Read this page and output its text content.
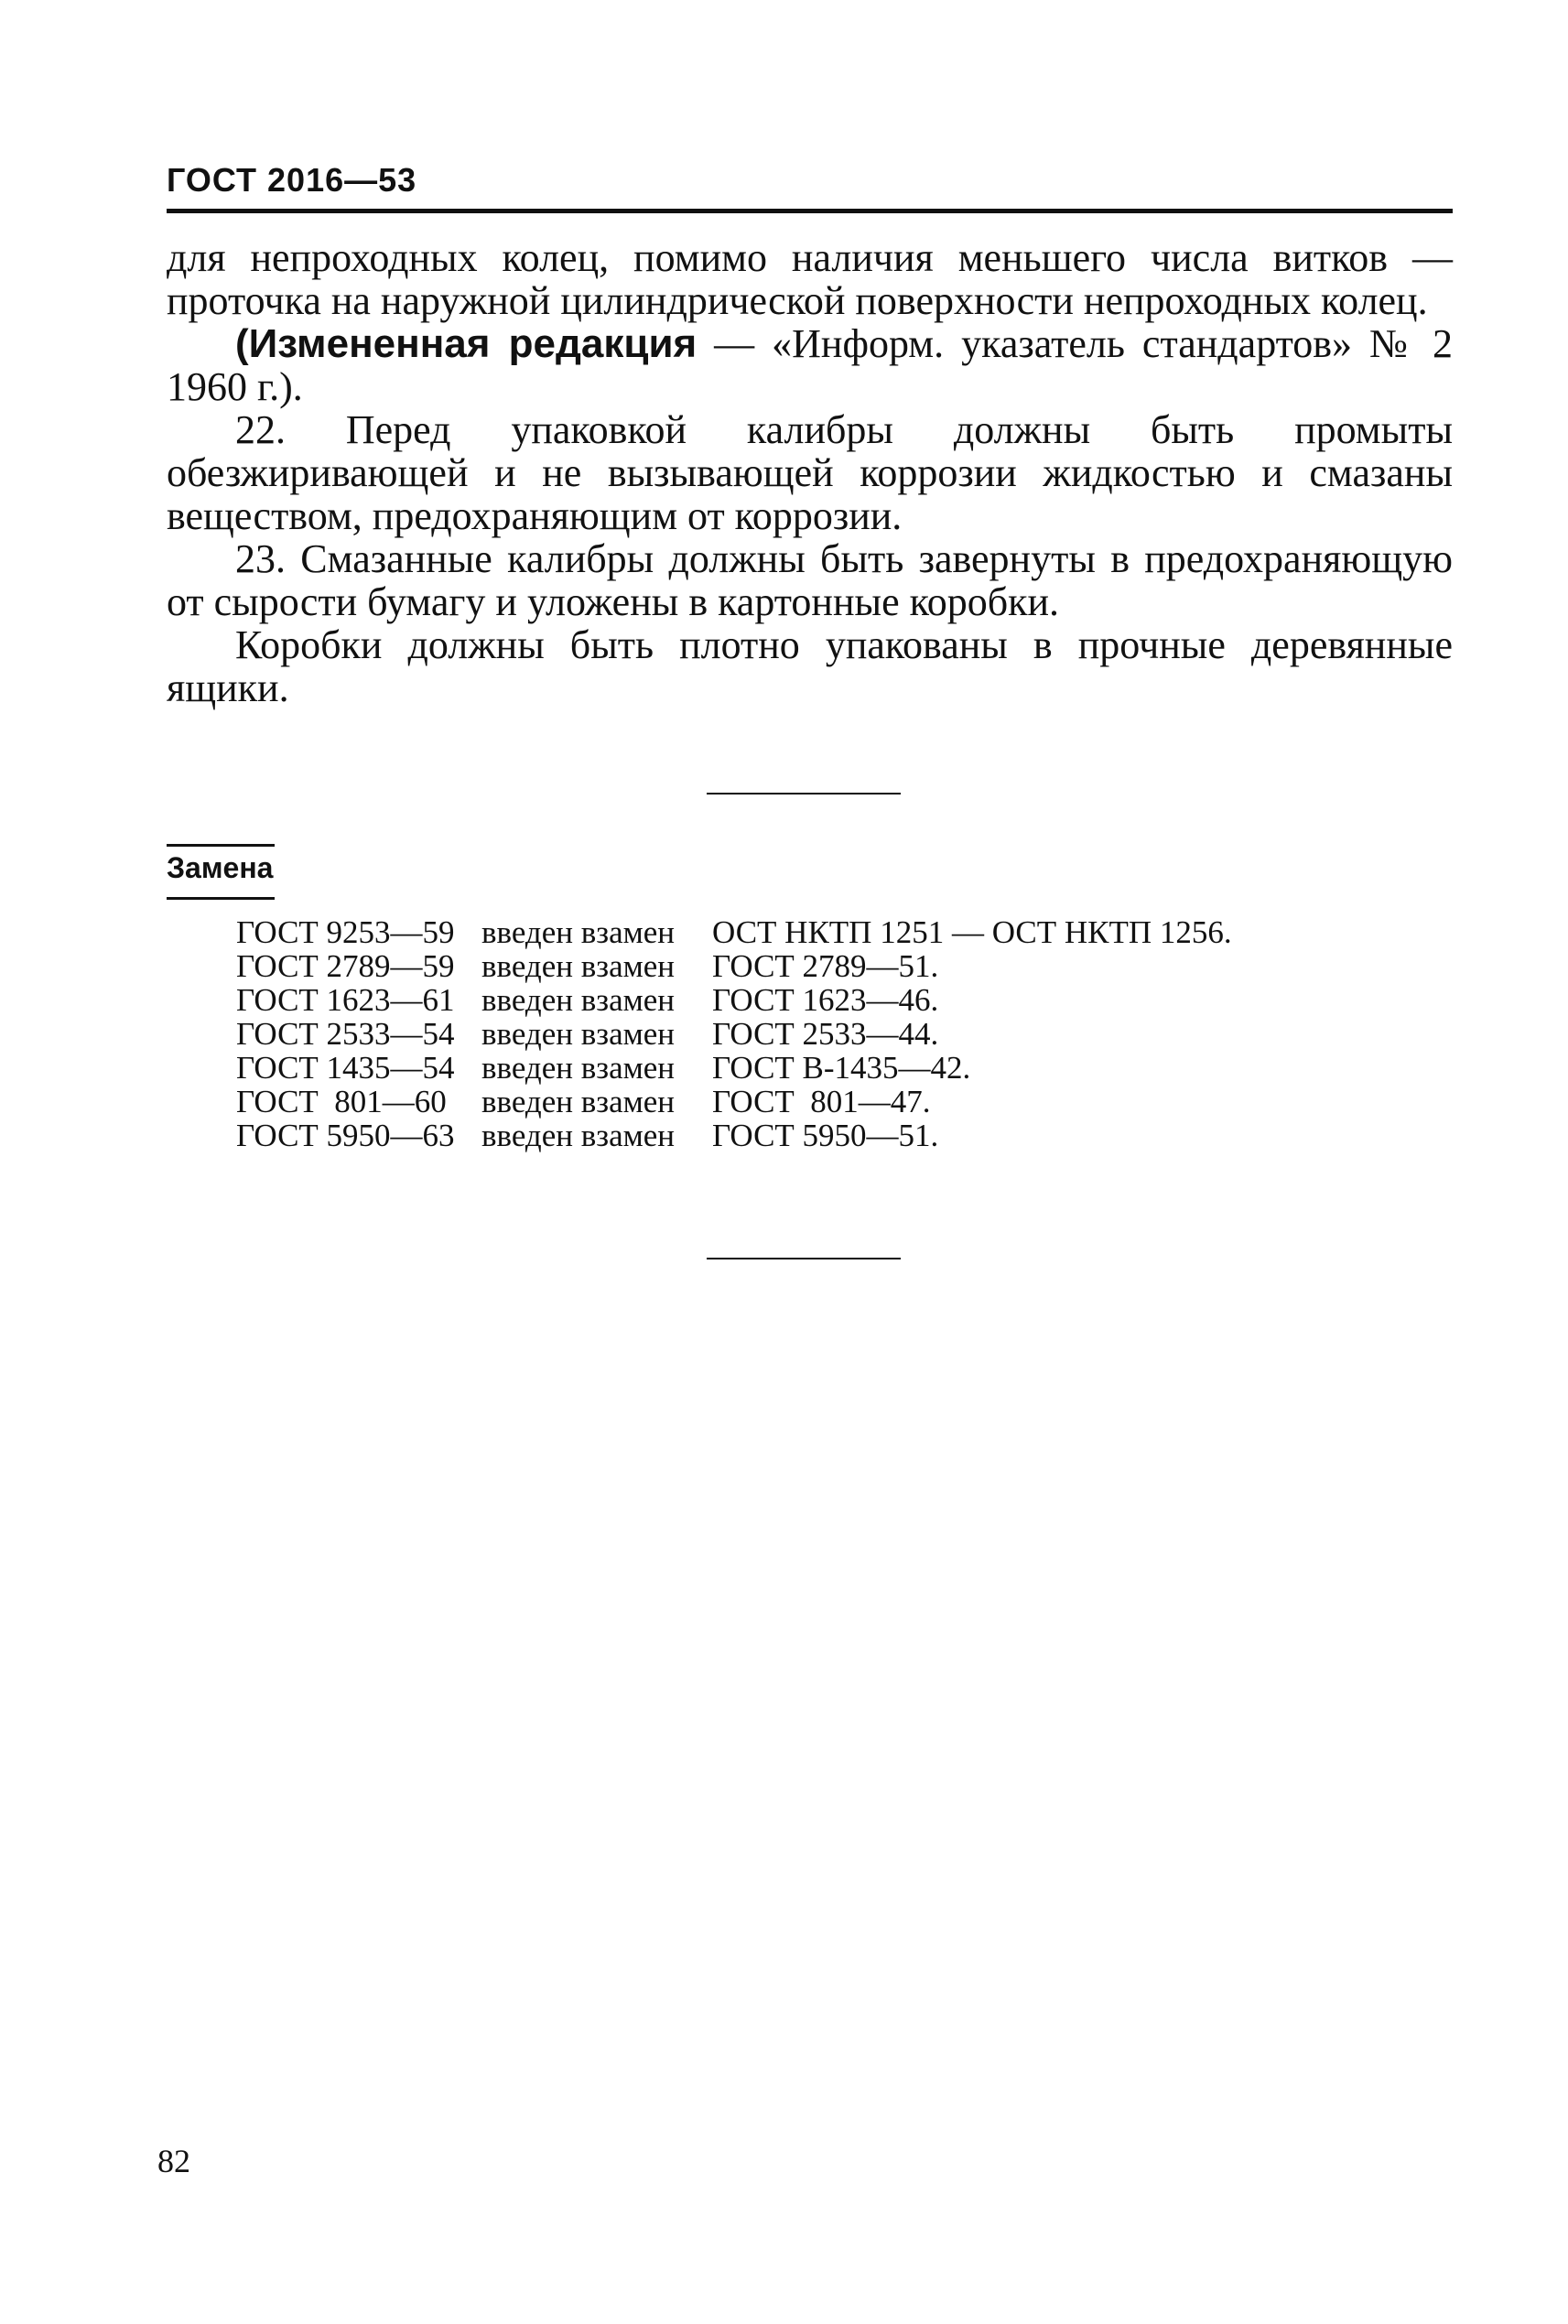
ГОСТ 2016—53

для непроходных колец, помимо наличия меньшего числа витков — проточка на наружной цилиндрической поверхности непроходных колец.

(Измененная редакция — «Информ. указатель стандартов» № 2 1960 г.).

22. Перед упаковкой калибры должны быть промыты обезжиривающей и не вызывающей коррозии жидкостью и смазаны веществом, предохраняющим от коррозии.

23. Смазанные калибры должны быть завернуты в предохраняющую от сырости бумагу и уложены в картонные коробки.

Коробки должны быть плотно упакованы в прочные деревянные ящики.

Замена
ГОСТ 9253—59 введен взамен	ОСТ НКТП 1251 — ОСТ НКТП 1256.
ГОСТ 2789—59 введен взамен	ГОСТ 2789—51.
ГОСТ 1623—61 введен взамен	ГОСТ 1623—46.
ГОСТ 2533—54 введен взамен	ГОСТ 2533—44.
ГОСТ 1435—54 введен взамен	ГОСТ В-1435—42.
ГОСТ  801—60	введен взамен	ГОСТ  801—47.
ГОСТ 5950—63 введен взамен	ГОСТ 5950—51.
82
